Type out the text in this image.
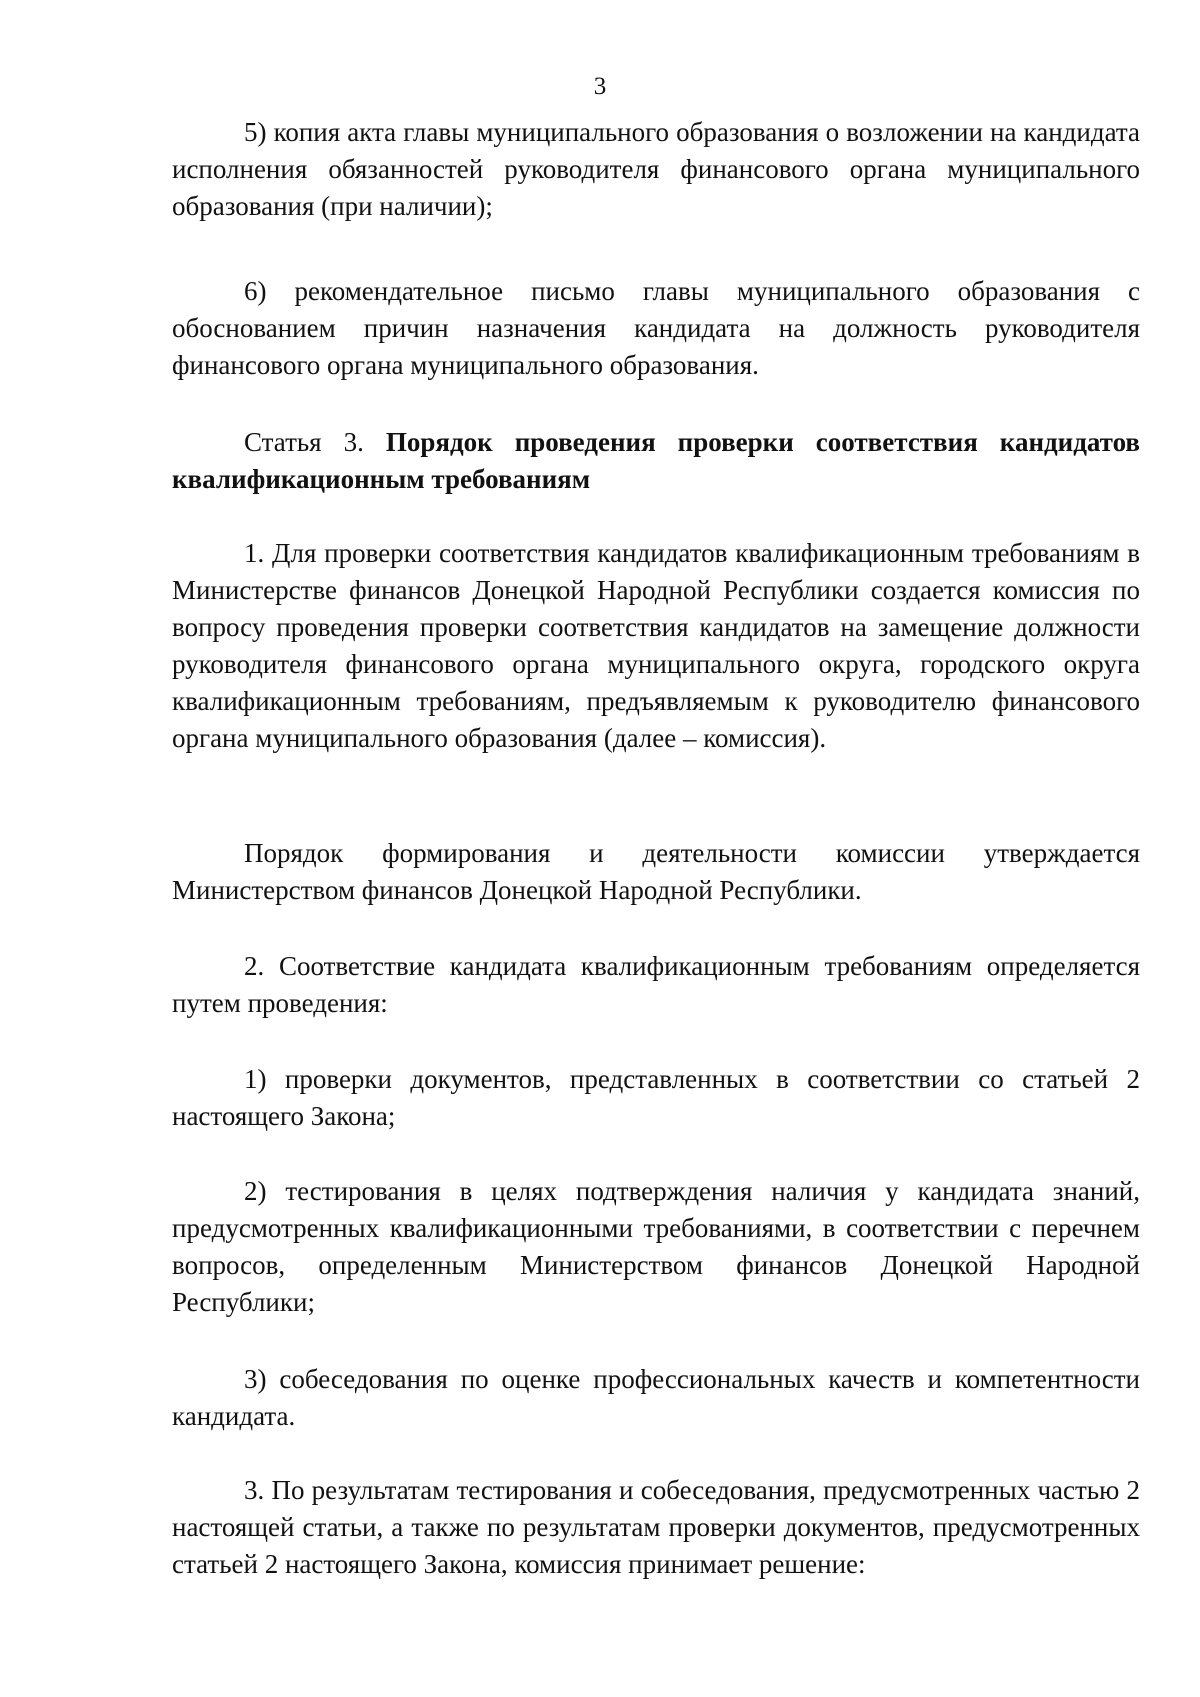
3

5) копия акта главы муниципального образования о возложении на кандидата исполнения обязанностей руководителя финансового органа муниципального образования (при наличии);

6) рекомендательное письмо главы муниципального образования с обоснованием причин назначения кандидата на должность руководителя финансового органа муниципального образования.

Статья 3. Порядок проведения проверки соответствия кандидатов квалификационным требованиям

1. Для проверки соответствия кандидатов квалификационным требованиям в Министерстве финансов Донецкой Народной Республики создается комиссия по вопросу проведения проверки соответствия кандидатов на замещение должности руководителя финансового органа муниципального округа, городского округа квалификационным требованиям, предъявляемым к руководителю финансового органа муниципального образования (далее – комиссия).

Порядок формирования и деятельности комиссии утверждается Министерством финансов Донецкой Народной Республики.

2. Соответствие кандидата квалификационным требованиям определяется путем проведения:

1) проверки документов, представленных в соответствии со статьей 2 настоящего Закона;

2) тестирования в целях подтверждения наличия у кандидата знаний, предусмотренных квалификационными требованиями, в соответствии с перечнем вопросов, определенным Министерством финансов Донецкой Народной Республики;

3) собеседования по оценке профессиональных качеств и компетентности кандидата.

3. По результатам тестирования и собеседования, предусмотренных частью 2 настоящей статьи, а также по результатам проверки документов, предусмотренных статьей 2 настоящего Закона, комиссия принимает решение:
